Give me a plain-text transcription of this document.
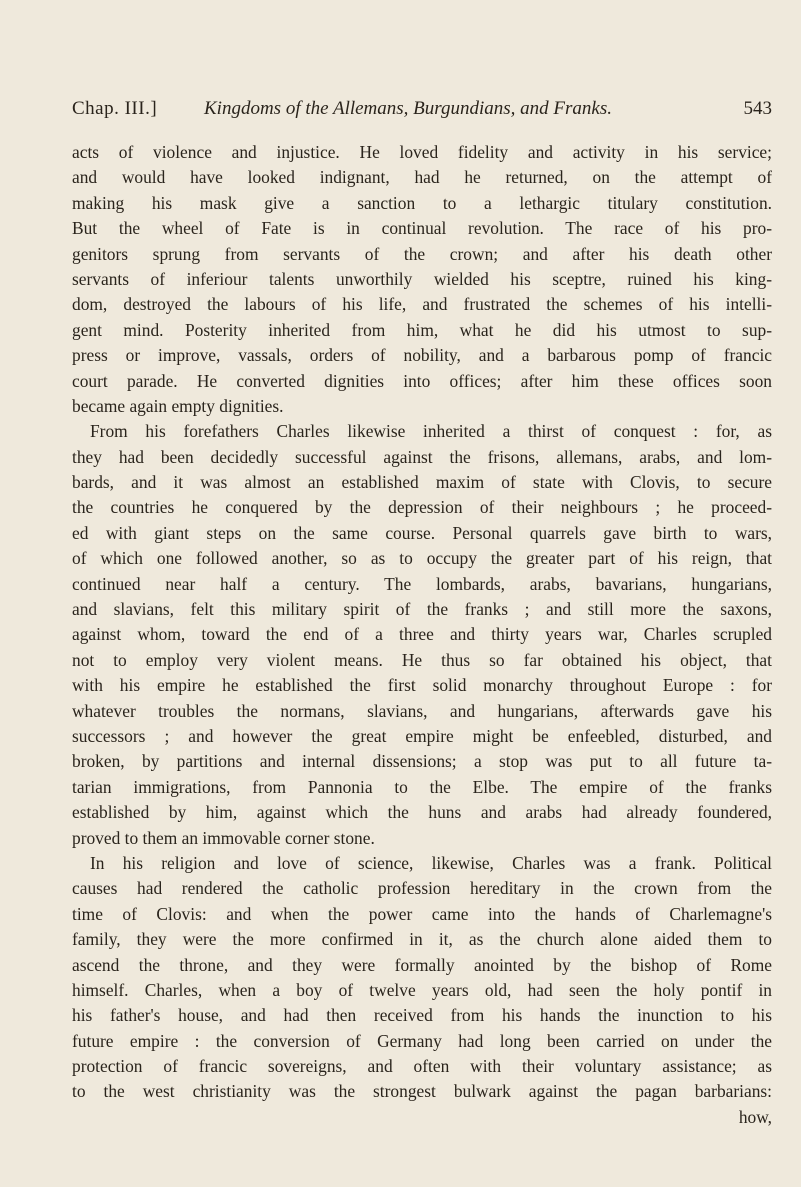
Chap. III.] Kingdoms of the Allemans, Burgundians, and Franks.	543
acts of violence and injustice. He loved fidelity and activity in his service;
and would have looked indignant, had he returned, on the attempt of
making his mask give a sanction to a lethargic titulary constitution.
But the wheel of Fate is in continual revolution. The race of his pro-
genitors sprung from servants of the crown; and after his death other
servants of inferiour talents unworthily wielded his sceptre, ruined his king-
dom, destroyed the labours of his life, and frustrated the schemes of his intelli-
gent mind. Posterity inherited from him, what he did his utmost to sup-
press or improve, vassals, orders of nobility, and a barbarous pomp of francic
court parade. He converted dignities into offices; after him these offices soon
became again empty dignities.
From his forefathers Charles likewise inherited a thirst of conquest : for, as
they had been decidedly successful against the frisons, allemans, arabs, and lom-
bards, and it was almost an established maxim of state with Clovis, to secure
the countries he conquered by the depression of their neighbours ; he proceed-
ed with giant steps on the same course. Personal quarrels gave birth to wars,
of which one followed another, so as to occupy the greater part of his reign, that
continued near half a century. The lombards, arabs, bavarians, hungarians,
and slavians, felt this military spirit of the franks ; and still more the saxons,
against whom, toward the end of a three and thirty years war, Charles scrupled
not to employ very violent means. He thus so far obtained his object, that
with his empire he established the first solid monarchy throughout Europe : for
whatever troubles the normans, slavians, and hungarians, afterwards gave his
successors ; and however the great empire might be enfeebled, disturbed, and
broken, by partitions and internal dissensions; a stop was put to all future ta-
tarian immigrations, from Pannonia to the Elbe. The empire of the franks
established by him, against which the huns and arabs had already foundered,
proved to them an immovable corner stone.
In his religion and love of science, likewise, Charles was a frank. Political
causes had rendered the catholic profession hereditary in the crown from the
time of Clovis: and when the power came into the hands of Charlemagne's
family, they were the more confirmed in it, as the church alone aided them to
ascend the throne, and they were formally anointed by the bishop of Rome
himself. Charles, when a boy of twelve years old, had seen the holy pontif in
his father's house, and had then received from his hands the inunction to his
future empire : the conversion of Germany had long been carried on under the
protection of francic sovereigns, and often with their voluntary assistance; as
to the west christianity was the strongest bulwark against the pagan barbarians:
how,
